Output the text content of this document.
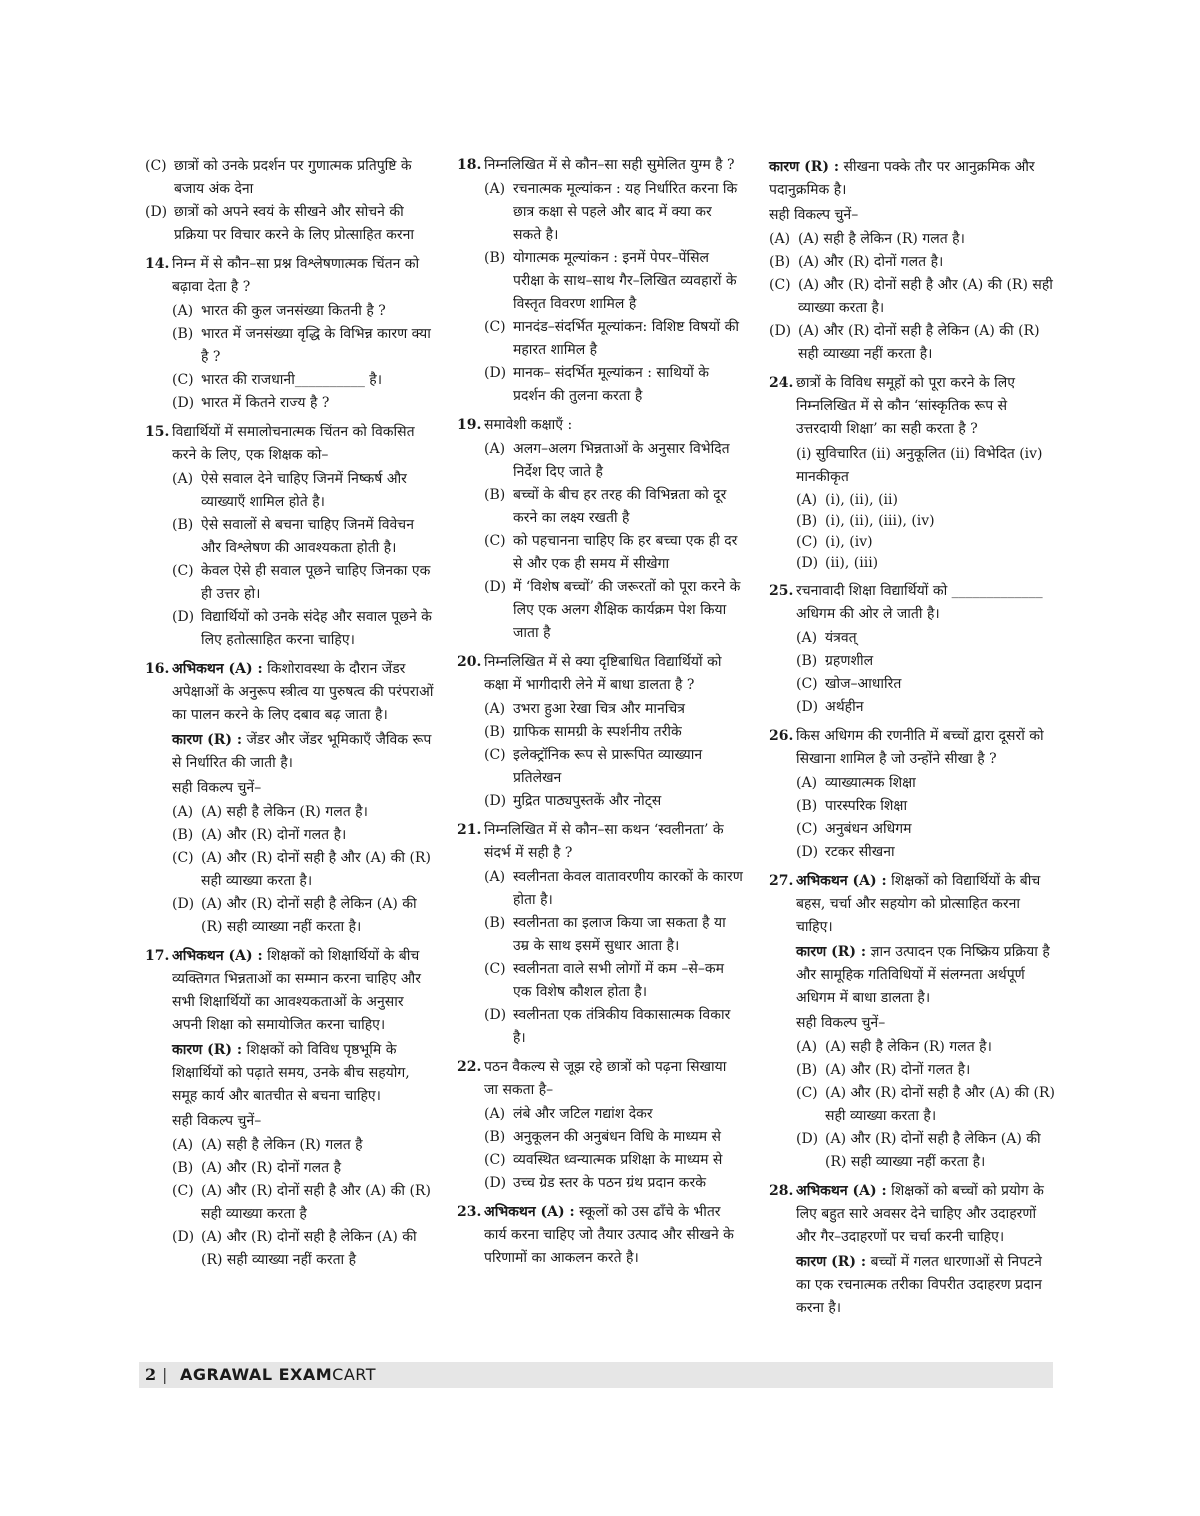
(C) छात्रों को उनके प्रदर्शन पर गुणात्मक प्रतिपुष्टि के बजाय अंक देना
(D) छात्रों को अपने स्वयं के सीखने और सोचने की प्रक्रिया पर विचार करने के लिए प्रोत्साहित करना
14. निम्न में से कौन–सा प्रश्न विश्लेषणात्मक चिंतन को बढ़ावा देता है ?
(A) भारत की कुल जनसंख्या कितनी है ?
(B) भारत में जनसंख्या वृद्धि के विभिन्न कारण क्या है ?
(C) भारत की राजधानी__________ है।
(D) भारत में कितने राज्य है ?
15. विद्यार्थियों में समालोचनात्मक चिंतन को विकसित करने के लिए, एक शिक्षक को–
(A) ऐसे सवाल देने चाहिए जिनमें निष्कर्ष और व्याख्याएँ शामिल होते है।
(B) ऐसे सवालों से बचना चाहिए जिनमें विवेचन और विश्लेषण की आवश्यकता होती है।
(C) केवल ऐसे ही सवाल पूछने चाहिए जिनका एक ही उत्तर हो।
(D) विद्यार्थियों को उनके संदेह और सवाल पूछने के लिए हतोत्साहित करना चाहिए।
16. अभिकथन (A) : किशोरावस्था के दौरान जेंडर अपेक्षाओं के अनुरूप स्त्रीत्व या पुरुषत्व की परंपराओं का पालन करने के लिए दबाव बढ़ जाता है।
कारण (R) : जेंडर और जेंडर भूमिकाएँ जैविक रूप से निर्धारित की जाती है।
सही विकल्प चुनें–
(A) (A) सही है लेकिन (R) गलत है।
(B) (A) और (R) दोनों गलत है।
(C) (A) और (R) दोनों सही है और (A) की (R) सही व्याख्या करता है।
(D) (A) और (R) दोनों सही है लेकिन (A) की (R) सही व्याख्या नहीं करता है।
17. अभिकथन (A) : शिक्षकों को शिक्षार्थियों के बीच व्यक्तिगत भिन्नताओं का सम्मान करना चाहिए और सभी शिक्षार्थियों का आवश्यकताओं के अनुसार अपनी शिक्षा को समायोजित करना चाहिए।
कारण (R) : शिक्षकों को विविध पृष्ठभूमि के शिक्षार्थियों को पढ़ाते समय, उनके बीच सहयोग, समूह कार्य और बातचीत से बचना चाहिए।
सही विकल्प चुनें–
(A) (A) सही है लेकिन (R) गलत है
(B) (A) और (R) दोनों गलत है
(C) (A) और (R) दोनों सही है और (A) की (R) सही व्याख्या करता है
(D) (A) और (R) दोनों सही है लेकिन (A) की (R) सही व्याख्या नहीं करता है
18. निम्नलिखित में से कौन–सा सही सुमेलित युग्म है ?
(A) रचनात्मक मूल्यांकन : यह निर्धारित करना कि छात्र कक्षा से पहले और बाद में क्या कर सकते है।
(B) योगात्मक मूल्यांकन : इनमें पेपर–पेंसिल परीक्षा के साथ–साथ गैर–लिखित व्यवहारों के विस्तृत विवरण शामिल है
(C) मानदंड–संदर्भित मूल्यांकन: विशिष्ट विषयों की महारत शामिल है
(D) मानक– संदर्भित मूल्यांकन : साथियों के प्रदर्शन की तुलना करता है
19. समावेशी कक्षाएँ :
(A) अलग–अलग भिन्नताओं के अनुसार विभेदित निर्देश दिए जाते है
(B) बच्चों के बीच हर तरह की विभिन्नता को दूर करने का लक्ष्य रखती है
(C) को पहचानना चाहिए कि हर बच्चा एक ही दर से और एक ही समय में सीखेगा
(D) में ‘विशेष बच्चों’ की जरूरतों को पूरा करने के लिए एक अलग शैक्षिक कार्यक्रम पेश किया जाता है
20. निम्नलिखित में से क्या दृष्टिबाधित विद्यार्थियों को कक्षा में भागीदारी लेने में बाधा डालता है ?
(A) उभरा हुआ रेखा चित्र और मानचित्र
(B) ग्राफिक सामग्री के स्पर्शनीय तरीके
(C) इलेक्ट्रॉनिक रूप से प्रारूपित व्याख्यान प्रतिलेखन
(D) मुद्रित पाठ्यपुस्तकें और नोट्स
21. निम्नलिखित में से कौन–सा कथन ‘स्वलीनता’ के संदर्भ में सही है ?
(A) स्वलीनता केवल वातावरणीय कारकों के कारण होता है।
(B) स्वलीनता का इलाज किया जा सकता है या उम्र के साथ इसमें सुधार आता है।
(C) स्वलीनता वाले सभी लोगों में कम –से–कम एक विशेष कौशल होता है।
(D) स्वलीनता एक तंत्रिकीय विकासात्मक विकार है।
22. पठन वैकल्य से जूझ रहे छात्रों को पढ़ना सिखाया जा सकता है–
(A) लंबे और जटिल गद्यांश देकर
(B) अनुकूलन की अनुबंधन विधि के माध्यम से
(C) व्यवस्थित ध्वन्यात्मक प्रशिक्षा के माध्यम से
(D) उच्च ग्रेड स्तर के पठन ग्रंथ प्रदान करके
23. अभिकथन (A) : स्कूलों को उस ढाँचे के भीतर कार्य करना चाहिए जो तैयार उत्पाद और सीखने के परिणामों का आकलन करते है।
कारण (R) : सीखना पक्के तौर पर आनुक्रमिक और पदानुक्रमिक है।
सही विकल्प चुनें–
(A) (A) सही है लेकिन (R) गलत है।
(B) (A) और (R) दोनों गलत है।
(C) (A) और (R) दोनों सही है और (A) की (R) सही व्याख्या करता है।
(D) (A) और (R) दोनों सही है लेकिन (A) की (R) सही व्याख्या नहीं करता है।
24. छात्रों के विविध समूहों को पूरा करने के लिए निम्नलिखित में से कौन ‘सांस्कृतिक रूप से उत्तरदायी शिक्षा’ का सही करता है ?
(i) सुविचारित (ii) अनुकूलित (ii) विभेदित (iv) मानकीकृत
(A) (i), (ii), (ii)
(B) (i), (ii), (iii), (iv)
(C) (i), (iv)
(D) (ii), (iii)
25. रचनावादी शिक्षा विद्यार्थियों को _____________ अधिगम की ओर ले जाती है।
(A) यंत्रवत्
(B) ग्रहणशील
(C) खोज–आधारित
(D) अर्थहीन
26. किस अधिगम की रणनीति में बच्चों द्वारा दूसरों को सिखाना शामिल है जो उन्होंने सीखा है ?
(A) व्याख्यात्मक शिक्षा
(B) पारस्परिक शिक्षा
(C) अनुबंधन अधिगम
(D) रटकर सीखना
27. अभिकथन (A) : शिक्षकों को विद्यार्थियों के बीच बहस, चर्चा और सहयोग को प्रोत्साहित करना चाहिए।
कारण (R) : ज्ञान उत्पादन एक निष्क्रिय प्रक्रिया है और सामूहिक गतिविधियों में संलग्नता अर्थपूर्ण अधिगम में बाधा डालता है।
सही विकल्प चुनें–
(A) (A) सही है लेकिन (R) गलत है।
(B) (A) और (R) दोनों गलत है।
(C) (A) और (R) दोनों सही है और (A) की (R) सही व्याख्या करता है।
(D) (A) और (R) दोनों सही है लेकिन (A) की (R) सही व्याख्या नहीं करता है।
28. अभिकथन (A) : शिक्षकों को बच्चों को प्रयोग के लिए बहुत सारे अवसर देने चाहिए और उदाहरणों और गैर–उदाहरणों पर चर्चा करनी चाहिए।
कारण (R) : बच्चों में गलत धारणाओं से निपटने का एक रचनात्मक तरीका विपरीत उदाहरण प्रदान करना है।
2 | AGRAWAL EXAMCART
